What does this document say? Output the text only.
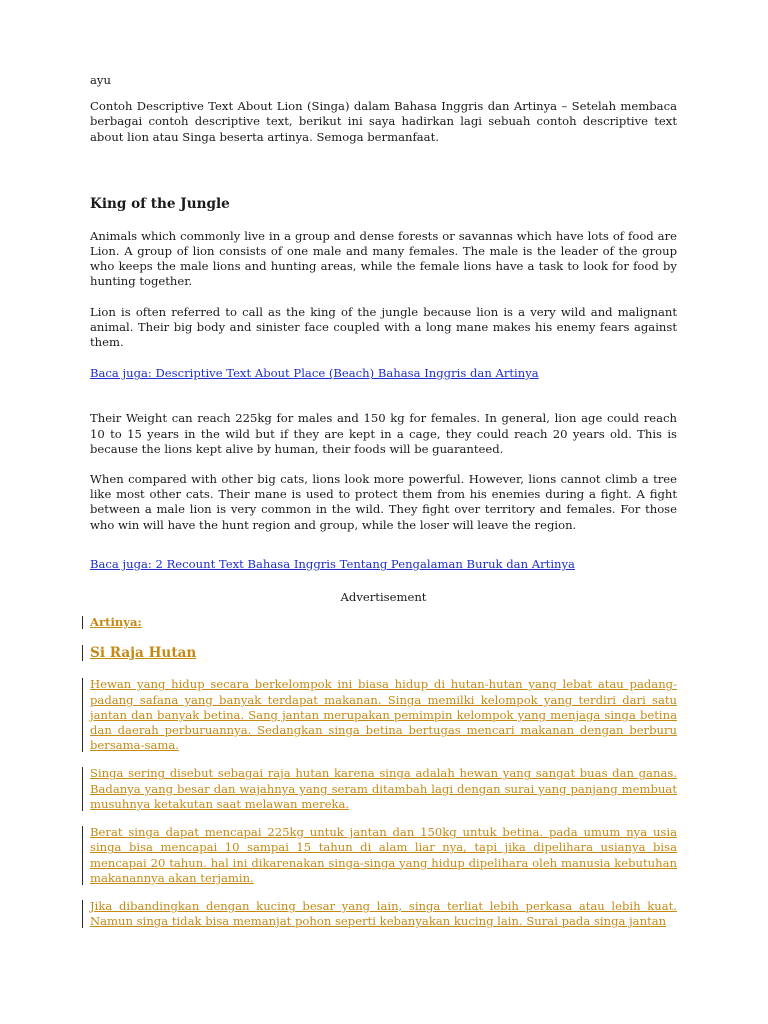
ayu

Contoh Descriptive Text About Lion (Singa) dalam Bahasa Inggris dan Artinya – Setelah membaca berbagai contoh descriptive text, berikut ini saya hadirkan lagi sebuah contoh descriptive text about lion atau Singa beserta artinya. Semoga bermanfaat.

King of the Jungle

Animals which commonly live in a group and dense forests or savannas which have lots of food are Lion. A group of lion consists of one male and many females. The male is the leader of the group who keeps the male lions and hunting areas, while the female lions have a task to look for food by hunting together.

Lion is often referred to call as the king of the jungle because lion is a very wild and malignant animal. Their big body and sinister face coupled with a long mane makes his enemy fears against them.

Baca juga: Descriptive Text About Place (Beach) Bahasa Inggris dan Artinya

Their Weight can reach 225kg for males and 150 kg for females. In general, lion age could reach 10 to 15 years in the wild but if they are kept in a cage, they could reach 20 years old. This is because the lions kept alive by human, their foods will be guaranteed.

When compared with other big cats, lions look more powerful. However, lions cannot climb a tree like most other cats. Their mane is used to protect them from his enemies during a fight. A fight between a male lion is very common in the wild. They fight over territory and females. For those who win will have the hunt region and group, while the loser will leave the region.

Baca juga: 2 Recount Text Bahasa Inggris Tentang Pengalaman Buruk dan Artinya

Advertisement

Artinya:

Si Raja Hutan

Hewan yang hidup secara berkelompok ini biasa hidup di hutan-hutan yang lebat atau padang-padang safana yang banyak terdapat makanan. Singa memilki kelompok yang terdiri dari satu jantan dan banyak betina. Sang jantan merupakan pemimpin kelompok yang menjaga singa betina dan daerah perburuannya. Sedangkan singa betina bertugas mencari makanan dengan berburu bersama-sama.

Singa sering disebut sebagai raja hutan karena singa adalah hewan yang sangat buas dan ganas. Badanya yang besar dan wajahnya yang seram ditambah lagi dengan surai yang panjang membuat musuhnya ketakutan saat melawan mereka.

Berat singa dapat mencapai 225kg untuk jantan dan 150kg untuk betina. pada umum nya usia singa bisa mencapai 10 sampai 15 tahun di alam liar nya, tapi jika dipelihara usianya bisa mencapai 20 tahun. hal ini dikarenakan singa-singa yang hidup dipelihara oleh manusia kebutuhan makanannya akan terjamin.

Jika dibandingkan dengan kucing besar yang lain, singa terliat lebih perkasa atau lebih kuat. Namun singa tidak bisa memanjat pohon seperti kebanyakan kucing lain. Surai pada singa jantan
